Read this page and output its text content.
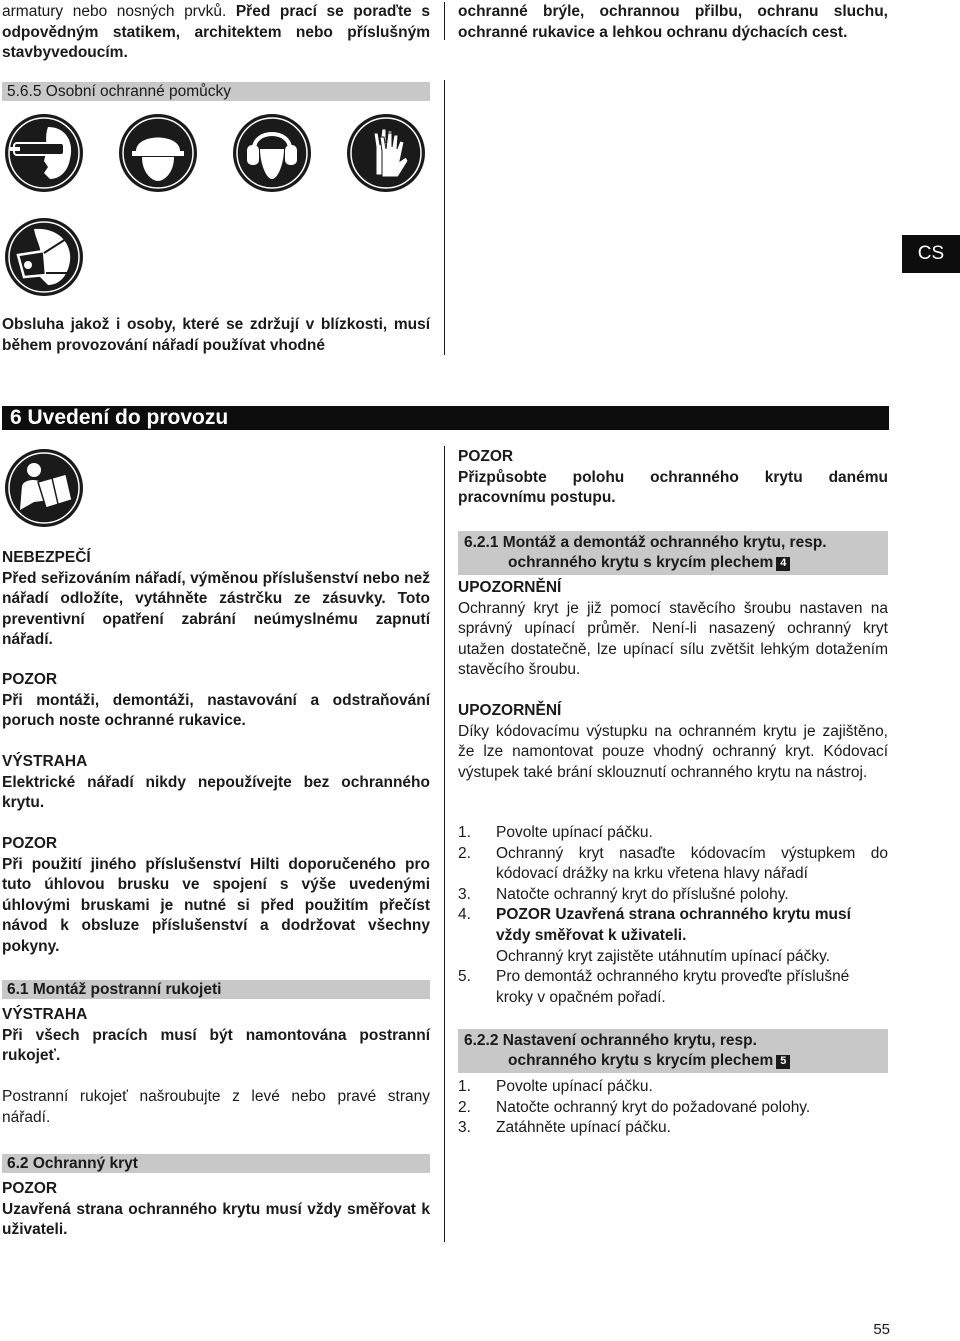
armatury nebo nosných prvků. Před prací se poraďte s odpovědným statikem, architektem nebo příslušným stavbyvedoucím.
ochranné brýle, ochrannou přilbu, ochranu sluchu, ochranné rukavice a lehkou ochranu dýchacích cest.
5.6.5 Osobní ochranné pomůcky
Obsluha jakož i osoby, které se zdržují v blízkosti, musí během provozování nářadí používat vhodné
CS
6 Uvedení do provozu

NEBEZPEČÍ

Před seřizováním nářadí, výměnou příslušenství nebo než nářadí odložíte, vytáhněte zástrčku ze zásuvky. Toto preventivní opatření zabrání neúmyslnému zapnutí nářadí.

POZOR

Při montáži, demontáži, nastavování a odstraňování poruch noste ochranné rukavice.

VÝSTRAHA

Elektrické nářadí nikdy nepoužívejte bez ochranného krytu.

POZOR

Při použití jiného příslušenství Hilti doporučeného pro tuto úhlovou brusku ve spojení s výše uvedenými úhlovými bruskami je nutné si před použitím přečíst návod k obsluze příslušenství a dodržovat všechny pokyny.

6.1 Montáž postranní rukojeti

VÝSTRAHA

Při všech pracích musí být namontována postranní rukojeť.

Postranní rukojeť našroubujte z levé nebo pravé strany nářadí.
6.2 Ochranný kryt

POZOR

Uzavřená strana ochranného krytu musí vždy směřovat k uživateli.

POZOR

Přizpůsobte polohu ochranného krytu danému pracovnímu postupu.

6.2.1 Montáž a demontáž ochranného krytu, resp.
ochranného krytu s krycím plechem 4

UPOZORNĚNÍ

Ochranný kryt je již pomocí stavěcího šroubu nastaven na správný upínací průměr. Není-li nasazený ochranný kryt utažen dostatečně, lze upínací sílu zvětšit lehkým dotažením stavěcího šroubu.

UPOZORNĚNÍ

Díky kódovacímu výstupku na ochranném krytu je zajištěno, že lze namontovat pouze vhodný ochranný kryt. Kódovací výstupek také brání sklouznutí ochranného krytu na nástroj.

1. Povolte upínací páčku.
2. Ochranný kryt nasaďte kódovacím výstupkem do kódovací drážky na krku vřetena hlavy nářadí
3. Natočte ochranný kryt do příslušné polohy.
4. POZOR Uzavřená strana ochranného krytu musí vždy směřovat k uživateli.
Ochranný kryt zajistěte utáhnutím upínací páčky.
5. Pro demontáž ochranného krytu proveďte příslušné kroky v opačném pořadí.
6.2.2 Nastavení ochranného krytu, resp.
ochranného krytu s krycím plechem 5
1. Povolte upínací páčku.
2. Natočte ochranný kryt do požadované polohy.
3. Zatáhněte upínací páčku.
55
